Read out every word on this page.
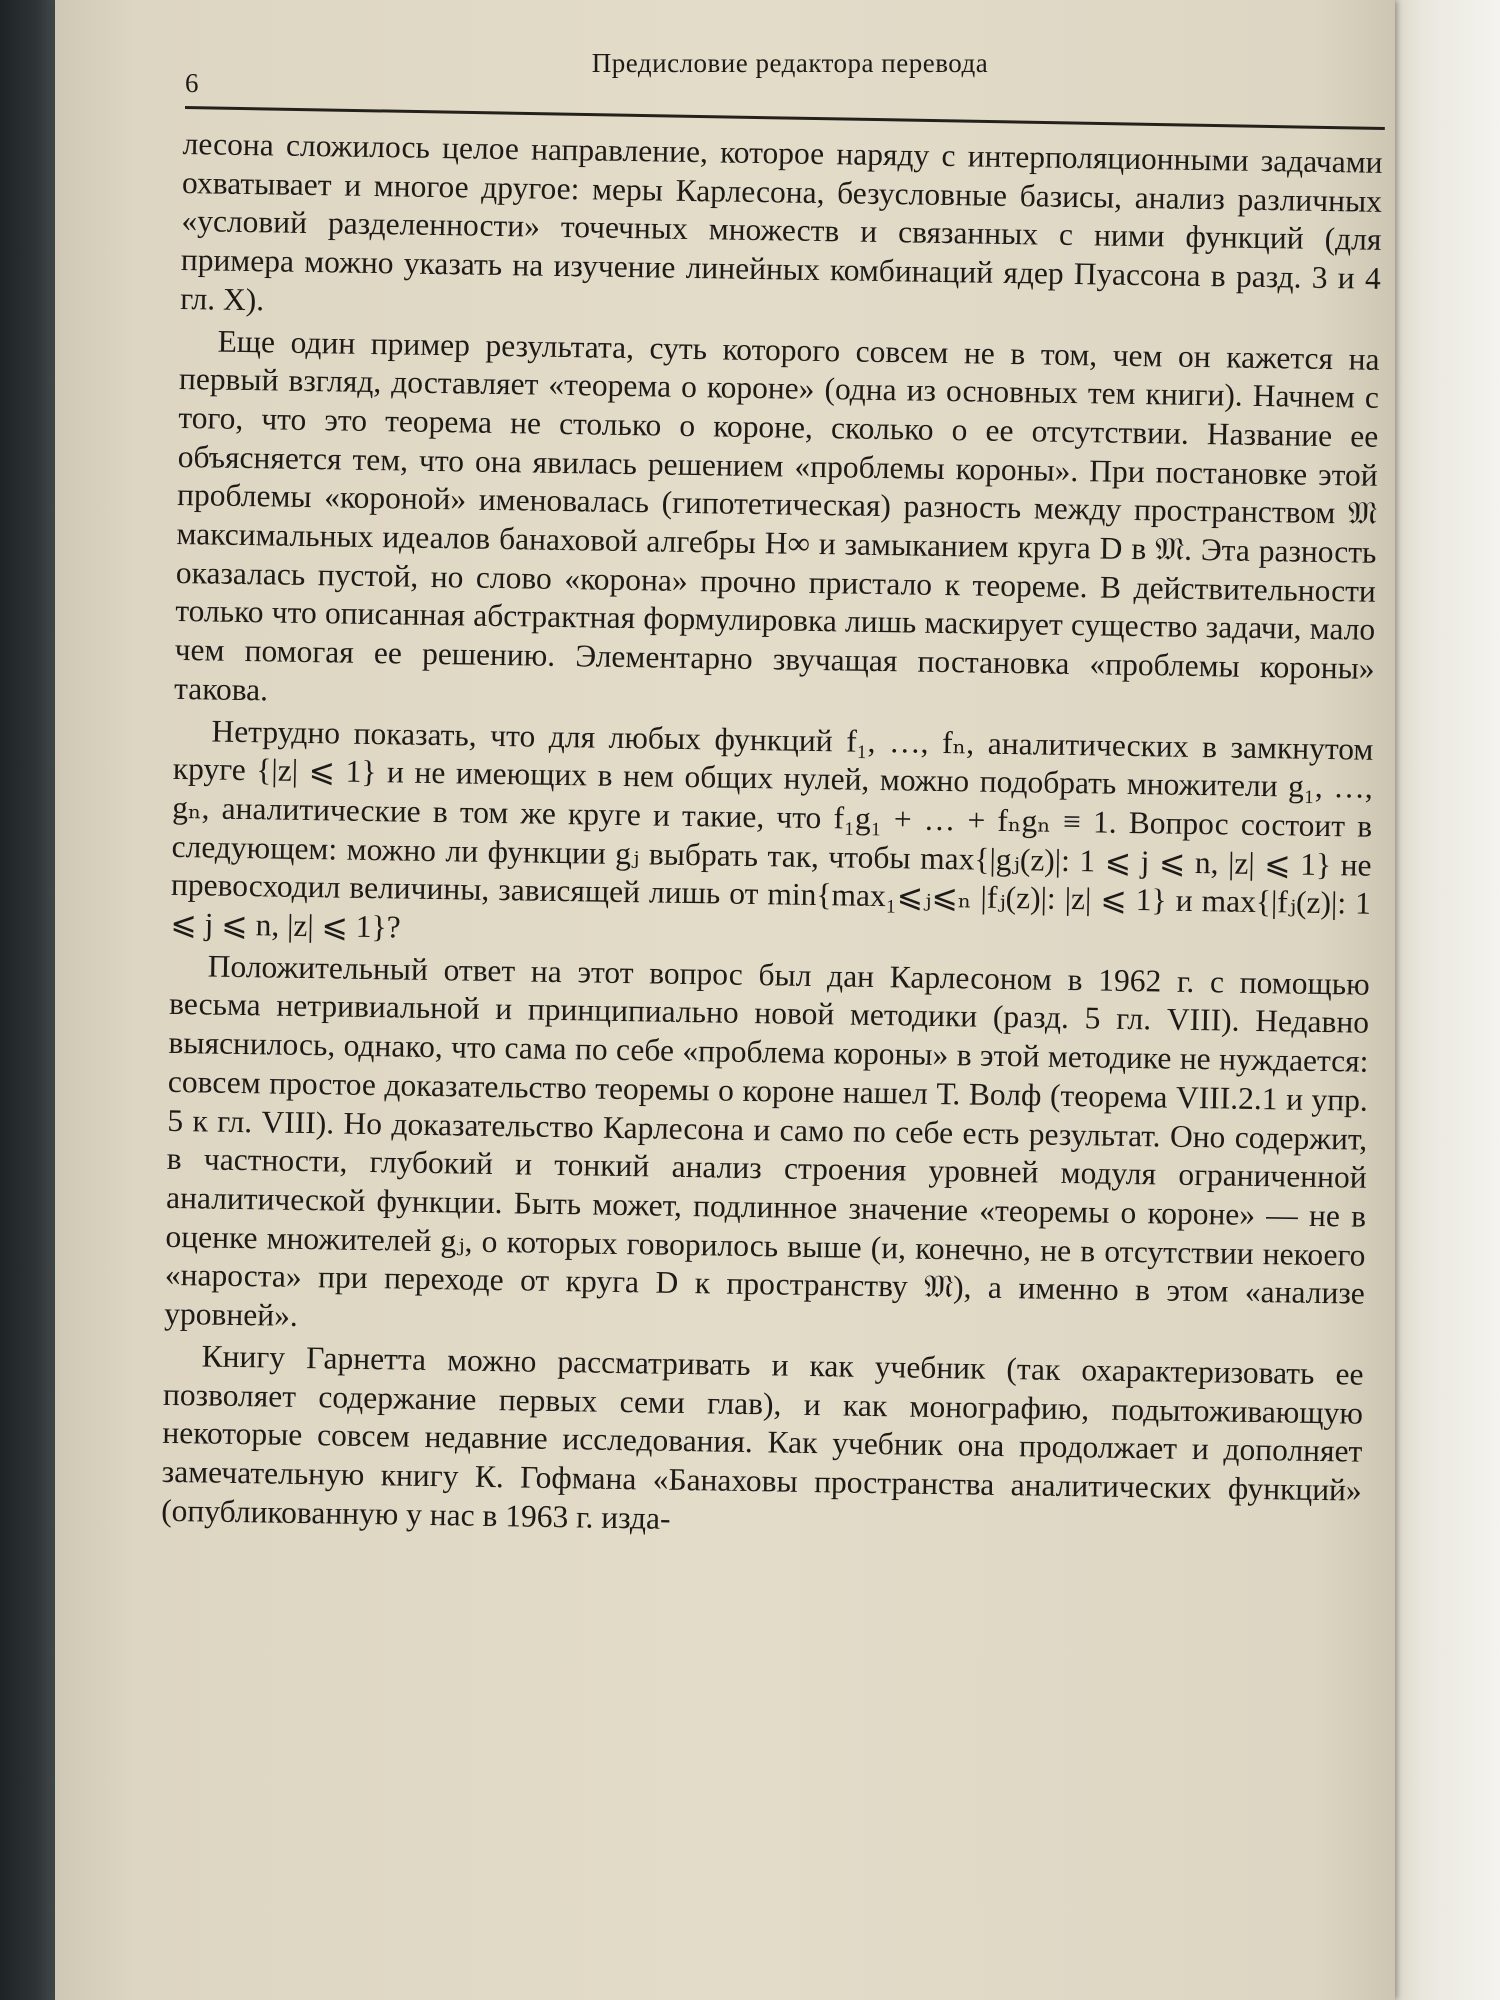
6
Предисловие редактора перевода

лесона сложилось целое направление, которое наряду с интерполяционными задачами охватывает и многое другое: меры Карлесона, безусловные базисы, анализ различных «условий разделенности» точечных множеств и связанных с ними функций (для примера можно указать на изучение линейных комбинаций ядер Пуассона в разд. 3 и 4 гл. X).

Еще один пример результата, суть которого совсем не в том, чем он кажется на первый взгляд, доставляет «теорема о короне» (одна из основных тем книги). Начнем с того, что это теорема не столько о короне, сколько о ее отсутствии. Название ее объясняется тем, что она явилась решением «проблемы короны». При постановке этой проблемы «короной» именовалась (гипотетическая) разность между пространством 𝔐 максимальных идеалов банаховой алгебры H∞ и замыканием круга D в 𝔐. Эта разность оказалась пустой, но слово «корона» прочно пристало к теореме. В действительности только что описанная абстрактная формулировка лишь маскирует существо задачи, мало чем помогая ее решению. Элементарно звучащая постановка «проблемы короны» такова.

Нетрудно показать, что для любых функций f₁, …, fₙ, аналитических в замкнутом круге {|z| ⩽ 1} и не имеющих в нем общих нулей, можно подобрать множители g₁, …, gₙ, аналитические в том же круге и такие, что f₁g₁ + … + fₙgₙ ≡ 1. Вопрос состоит в следующем: можно ли функции gⱼ выбрать так, чтобы max{|gⱼ(z)|: 1 ⩽ j ⩽ n, |z| ⩽ 1} не превосходил величины, зависящей лишь от min{max₁⩽ⱼ⩽ₙ |fⱼ(z)|: |z| ⩽ 1} и max{|fⱼ(z)|: 1 ⩽ j ⩽ n, |z| ⩽ 1}?

Положительный ответ на этот вопрос был дан Карлесоном в 1962 г. с помощью весьма нетривиальной и принципиально новой методики (разд. 5 гл. VIII). Недавно выяснилось, однако, что сама по себе «проблема короны» в этой методике не нуждается: совсем простое доказательство теоремы о короне нашел Т. Волф (теорема VIII.2.1 и упр. 5 к гл. VIII). Но доказательство Карлесона и само по себе есть результат. Оно содержит, в частности, глубокий и тонкий анализ строения уровней модуля ограниченной аналитической функции. Быть может, подлинное значение «теоремы о короне» — не в оценке множителей gⱼ, о которых говорилось выше (и, конечно, не в отсутствии некоего «нароста» при переходе от круга D к пространству 𝔐), а именно в этом «анализе уровней».

Книгу Гарнетта можно рассматривать и как учебник (так охарактеризовать ее позволяет содержание первых семи глав), и как монографию, подытоживающую некоторые совсем недавние исследования. Как учебник она продолжает и дополняет замечательную книгу К. Гофмана «Банаховы пространства аналитических функций» (опубликованную у нас в 1963 г. изда-
